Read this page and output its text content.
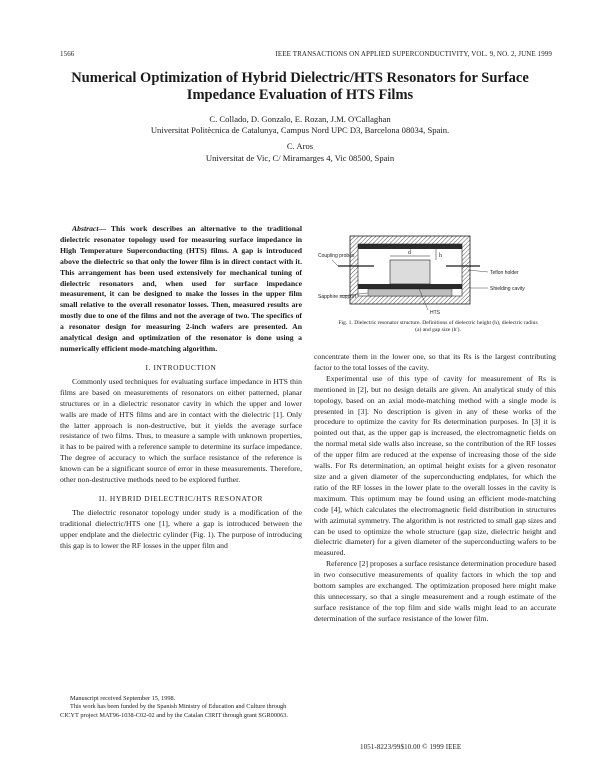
1566	IEEE TRANSACTIONS ON APPLIED SUPERCONDUCTIVITY, VOL. 9, NO. 2, JUNE 1999
Numerical Optimization of Hybrid Dielectric/HTS Resonators for Surface Impedance Evaluation of HTS Films
C. Collado, D. Gonzalo, E. Rozan, J.M. O'Callaghan
Universitat Politècnica de Catalunya, Campus Nord UPC D3, Barcelona 08034, Spain.
C. Aros
Universitat de Vic, C/ Miramarges 4, Vic 08500, Spain

Abstract— This work describes an alternative to the traditional dielectric resonator topology used for measuring surface impedance in High Temperature Superconducting (HTS) films. A gap is introduced above the dielectric so that only the lower film is in direct contact with it. This arrangement has been used extensively for mechanical tuning of dielectric resonators and, when used for surface impedance measurement, it can be designed to make the losses in the upper film small relative to the overall resonator losses. Then, measured results are mostly due to one of the films and not the average of two. The specifics of a resonator design for measuring 2-inch wafers are presented. An analytical design and optimization of the resonator is done using a numerically efficient mode-matching algorithm.

I. INTRODUCTION

Commonly used techniques for evaluating surface impedance in HTS thin films are based on measurements of resonators on either patterned, planar structures or in a dielectric resonator cavity in which the upper and lower walls are made of HTS films and are in contact with the dielectric [1]. Only the latter approach is non-destructive, but it yields the average surface resistance of two films. Thus, to measure a sample with unknown properties, it has to be paired with a reference sample to determine its surface impedance. The degree of accuracy to which the surface resistance of the reference is known can be a significant source of error in these measurements. Therefore, other non-destructive methods need to be explored further.

II. HYBRID DIELECTRIC/HTS RESONATOR

The dielectric resonator topology under study is a modification of the traditional dielectric/HTS one [1], where a gap is introduced between the upper endplate and the dielectric cylinder (Fig. 1). The purpose of introducing this gap is to lower the RF losses in the upper film and

Manuscript received September 15, 1998.
This work has been funded by the Spanish Ministry of Education and Culture through CICYT project MAT96-1038-C02-02 and by the Catalan CIRIT through grant SGR00063.
h
d
Coupling probes
Teflon holder
Shielding cavity
Sapphire support
HTS
Fig. 1. Dielectric resonator structure. Definitions of dielectric height (h), dielectric radius (a) and gap size (h′).

concentrate them in the lower one, so that its Rs is the largest contributing factor to the total losses of the cavity.

Experimental use of this type of cavity for measurement of Rs is mentioned in [2], but no design details are given. An analytical study of this topology, based on an axial mode-matching method with a single mode is presented in [3]. No description is given in any of these works of the procedure to optimize the cavity for Rs determination purposes. In [3] it is pointed out that, as the upper gap is increased, the electromagnetic fields on the normal metal side walls also increase, so the contribution of the RF losses of the upper film are reduced at the expense of increasing those of the side walls. For Rs determination, an optimal height exists for a given resonator size and a given diameter of the superconducting endplates, for which the ratio of the RF losses in the lower plate to the overall losses in the cavity is maximum. This optimum may be found using an efficient mode-matching code [4], which calculates the electromagnetic field distribution in structures with azimutal symmetry. The algorithm is not restricted to small gap sizes and can be used to optimize the whole structure (gap size, dielectric height and dielectric diameter) for a given diameter of the superconducting wafers to be measured.

Reference [2] proposes a surface resistance determination procedure based in two consecutive measurements of quality factors in which the top and bottom samples are exchanged. The optimization proposed here might make this unnecessary, so that a single measurement and a rough estimate of the surface resistance of the top film and side walls might lead to an accurate determination of the surface resistance of the lower film.

1051-8223/99$10.00 © 1999 IEEE
